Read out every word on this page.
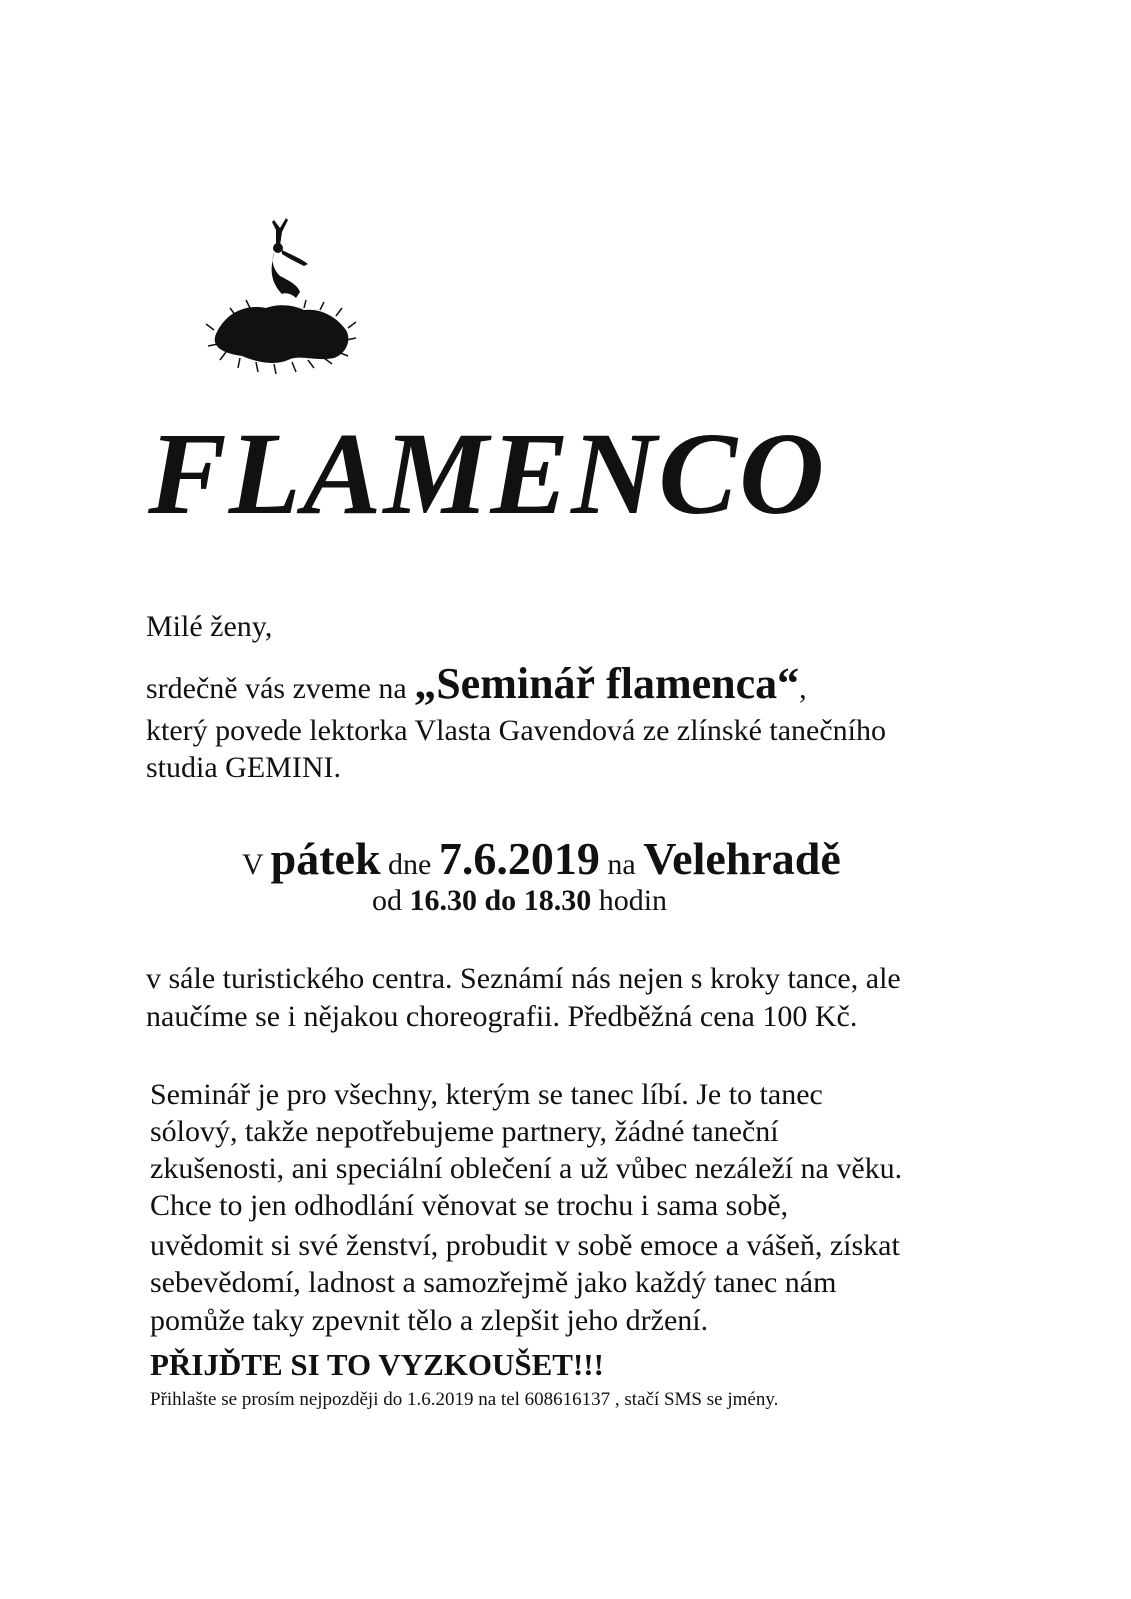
FLAMENCO
Milé ženy,
srdečně vás zveme na „Seminář flamenca“,
který povede lektorka Vlasta Gavendová ze zlínské tanečního
studia GEMINI.
V pátek dne 7.6.2019 na Velehradě
od 16.30 do 18.30 hodin
v sále turistického centra. Seznámí nás nejen s kroky tance, ale
naučíme se i nějakou choreografii. Předběžná cena 100 Kč.
Seminář je pro všechny, kterým se tanec líbí. Je to tanec
sólový, takže nepotřebujeme partnery, žádné taneční
zkušenosti, ani speciální oblečení a už vůbec nezáleží na věku.
Chce to jen odhodlání věnovat se trochu i sama sobě,
uvědomit si své ženství, probudit v sobě emoce a vášeň, získat
sebevědomí, ladnost a samozřejmě jako každý tanec nám
pomůže taky zpevnit tělo a zlepšit jeho držení.
PŘIJĎTE SI TO VYZKOUŠET!!!
Přihlašte se prosím nejpozději do 1.6.2019 na tel 608616137 , stačí SMS se jmény.
